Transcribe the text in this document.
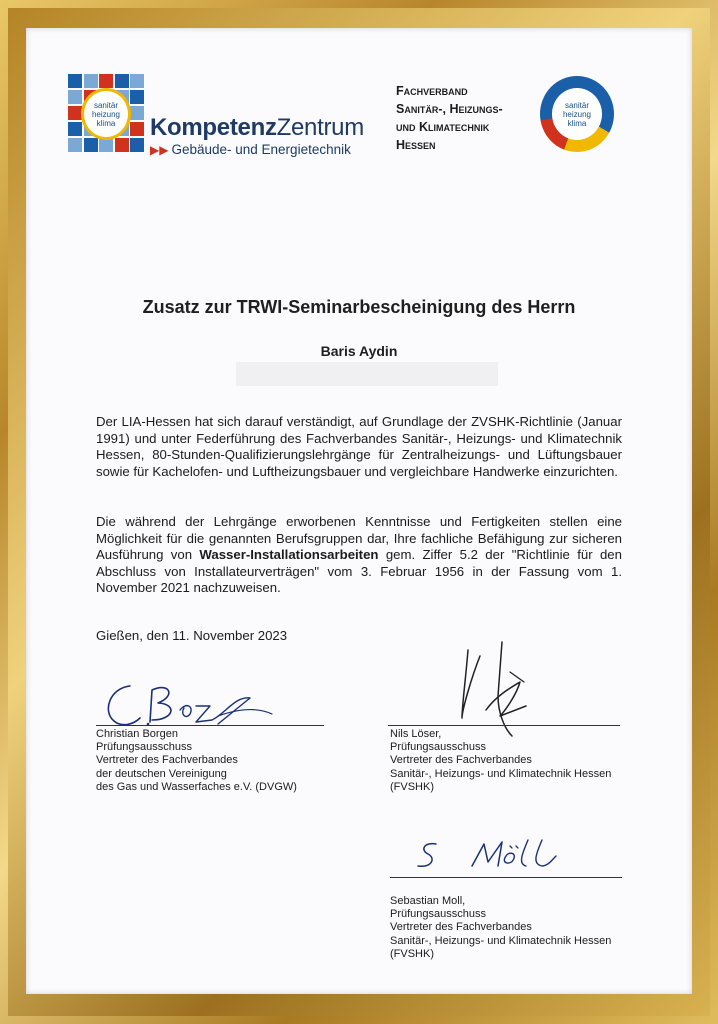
sanitär
heizung
klima KompetenzZentrum
▶▶ Gebäude- und Energietechnik
Fachverband
Sanitär-, Heizungs-
und Klimatechnik
Hessen
sanitär
heizung
klima
Zusatz zur TRWI-Seminarbescheinigung des Herrn
Baris Aydin
Der LIA-Hessen hat sich darauf verständigt, auf Grundlage der ZVSHK-Richtlinie (Januar 1991) und unter Federführung des Fachverbandes Sanitär-, Heizungs- und Klimatechnik Hessen, 80-Stunden-Qualifizierungslehrgänge für Zentralheizungs- und Lüftungsbauer sowie für Kachelofen- und Luftheizungsbauer und vergleichbare Handwerke einzurichten.
Die während der Lehrgänge erworbenen Kenntnisse und Fertigkeiten stellen eine Möglichkeit für die genannten Berufsgruppen dar, Ihre fachliche Befähigung zur sicheren Ausführung von Wasser-Installationsarbeiten gem. Ziffer 5.2 der "Richtlinie für den Abschluss von Installateurverträgen" vom 3. Februar 1956 in der Fassung vom 1. November 2021 nachzuweisen.
Gießen, den 11. November 2023
Christian Borgen
Prüfungsausschuss
Vertreter des Fachverbandes
der deutschen Vereinigung
des Gas und Wasserfaches e.V. (DVGW)
Nils Löser,
Prüfungsausschuss
Vertreter des Fachverbandes
Sanitär-, Heizungs- und Klimatechnik Hessen
(FVSHK)
Sebastian Moll,
Prüfungsausschuss
Vertreter des Fachverbandes
Sanitär-, Heizungs- und Klimatechnik Hessen
(FVSHK)
